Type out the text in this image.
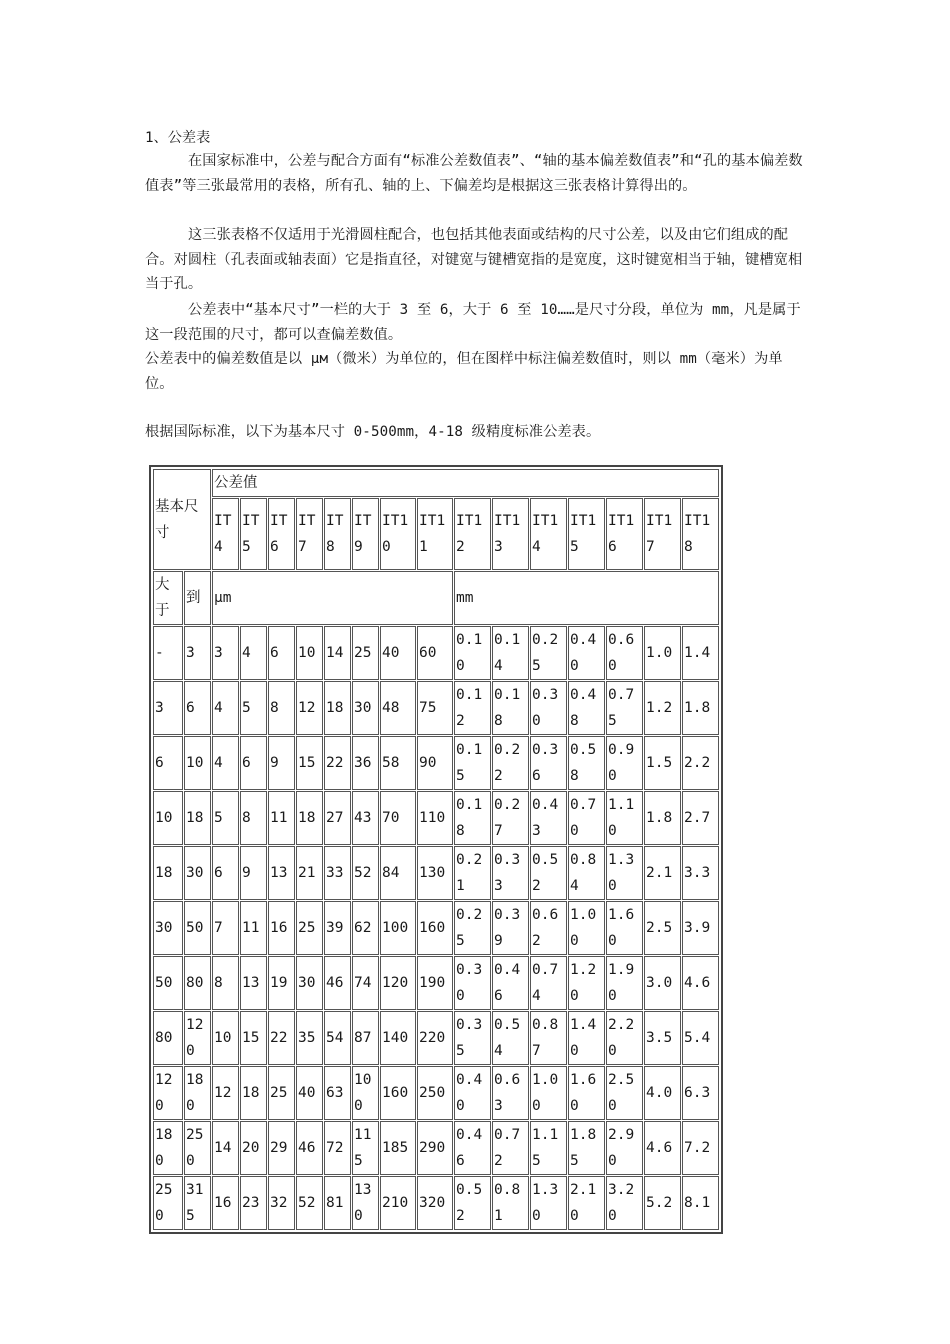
1、公差表

在国家标准中，公差与配合方面有“标准公差数值表”、“轴的基本偏差数值表”和“孔的基本偏差数值表”等三张最常用的表格，所有孔、轴的上、下偏差均是根据这三张表格计算得出的。

这三张表格不仅适用于光滑圆柱配合，也包括其他表面或结构的尺寸公差，以及由它们组成的配合。对圆柱（孔表面或轴表面）它是指直径，对键宽与键槽宽指的是宽度，这时键宽相当于轴，键槽宽相当于孔。

公差表中“基本尺寸”一栏的大于 3 至 6，大于 6 至 10……是尺寸分段，单位为 mm，凡是属于这一段范围的尺寸，都可以查偏差数值。

公差表中的偏差数值是以 μм（微米）为单位的，但在图样中标注偏差数值时，则以 mm（毫米）为单位。

根据国际标准，以下为基本尺寸 0-500mm，4-18 级精度标准公差表。

基本尺寸		公差值														
		IT4	IT5	IT6	IT7	IT8	IT9	IT10	IT11	IT12	IT13	IT14	IT15	IT16	IT17	IT18
大于	到	μm								mm						
-	3	3	4	6	10	14	25	40	60	0.10	0.14	0.25	0.40	0.60	1.0	1.4
3	6	4	5	8	12	18	30	48	75	0.12	0.18	0.30	0.48	0.75	1.2	1.8
6	10	4	6	9	15	22	36	58	90	0.15	0.22	0.36	0.58	0.90	1.5	2.2
10	18	5	8	11	18	27	43	70	110	0.18	0.27	0.43	0.70	1.10	1.8	2.7
18	30	6	9	13	21	33	52	84	130	0.21	0.33	0.52	0.84	1.30	2.1	3.3
30	50	7	11	16	25	39	62	100	160	0.25	0.39	0.62	1.00	1.60	2.5	3.9
50	80	8	13	19	30	46	74	120	190	0.30	0.46	0.74	1.20	1.90	3.0	4.6
80	120	10	15	22	35	54	87	140	220	0.35	0.54	0.87	1.40	2.20	3.5	5.4
120	180	12	18	25	40	63	100	160	250	0.40	0.63	1.00	1.60	2.50	4.0	6.3
180	250	14	20	29	46	72	115	185	290	0.46	0.72	1.15	1.85	2.90	4.6	7.2
250	315	16	23	32	52	81	130	210	320	0.52	0.81	1.30	2.10	3.20	5.2	8.1
